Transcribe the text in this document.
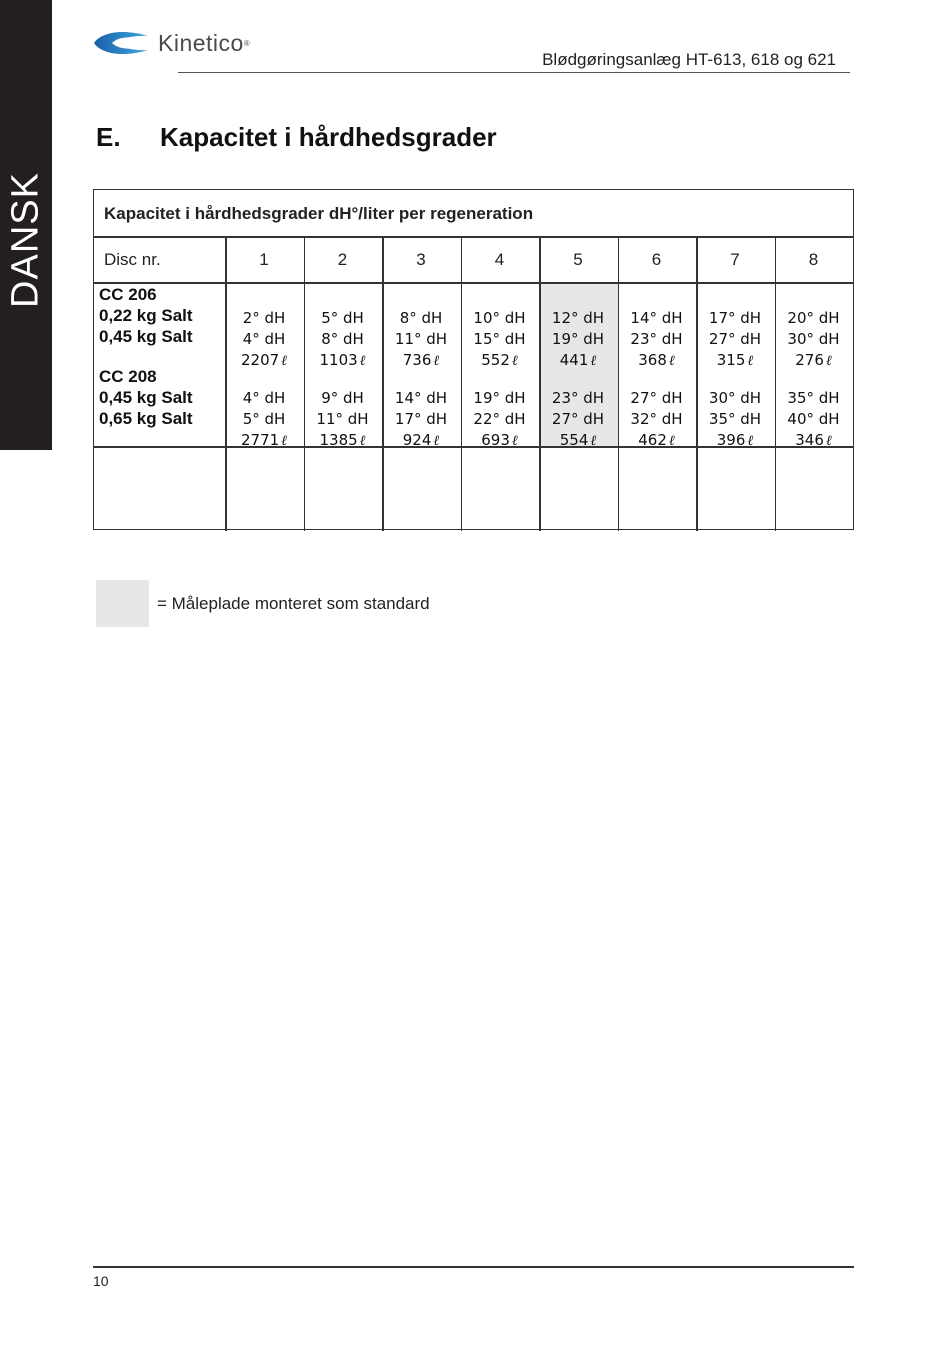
DANSK
Kinetico ®
Blødgøringsanlæg HT-613, 618 og 621
E. Kapacitet i hårdhedsgrader
Kapacitet i hårdhedsgrader dH°/liter per regeneration
Disc nr.
CC 206
0,22 kg Salt
0,45 kg Salt
CC 208
0,45 kg Salt
0,65 kg Salt
1
2° dH
4° dH
2207 ℓ
4° dH
5° dH
2771 ℓ
2
5° dH
8° dH
1103 ℓ
9° dH
11° dH
1385 ℓ
3
8° dH
11° dH
736 ℓ
14° dH
17° dH
924 ℓ
4
10° dH
15° dH
552 ℓ
19° dH
22° dH
693 ℓ
5
12° dH
19° dH
441 ℓ
23° dH
27° dH
554 ℓ
6
14° dH
23° dH
368 ℓ
27° dH
32° dH
462 ℓ
7
17° dH
27° dH
315 ℓ
30° dH
35° dH
396 ℓ
8
20° dH
30° dH
276 ℓ
35° dH
40° dH
346 ℓ
= Måleplade monteret som standard
10
